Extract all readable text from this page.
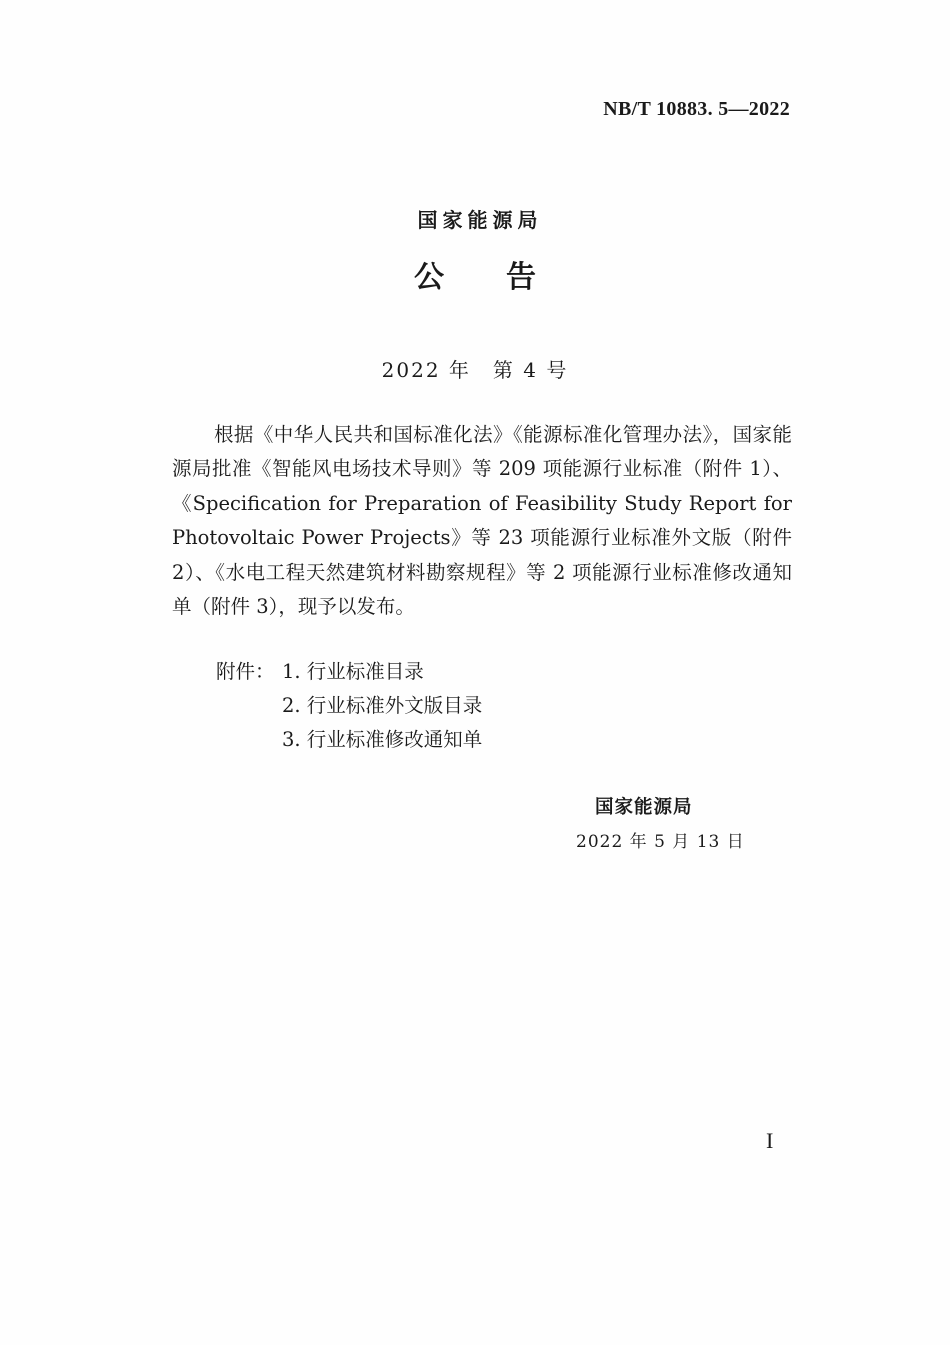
NB/T 10883. 5—2022
国家能源局
公告
2022 年　第 4 号

根据《中华人民共和国标准化法》《能源标准化管理办法》，国家能源局批准《智能风电场技术导则》等 209 项能源行业标准（附件 1）、《Specification for Preparation of Feasibility Study Report for Photovoltaic Power Projects》等 23 项能源行业标准外文版（附件 2）、《水电工程天然建筑材料勘察规程》等 2 项能源行业标准修改通知单（附件 3），现予以发布。

附件： 1. 行业标准目录
2. 行业标准外文版目录
3. 行业标准修改通知单
国家能源局
2022 年 5 月 13 日
I
